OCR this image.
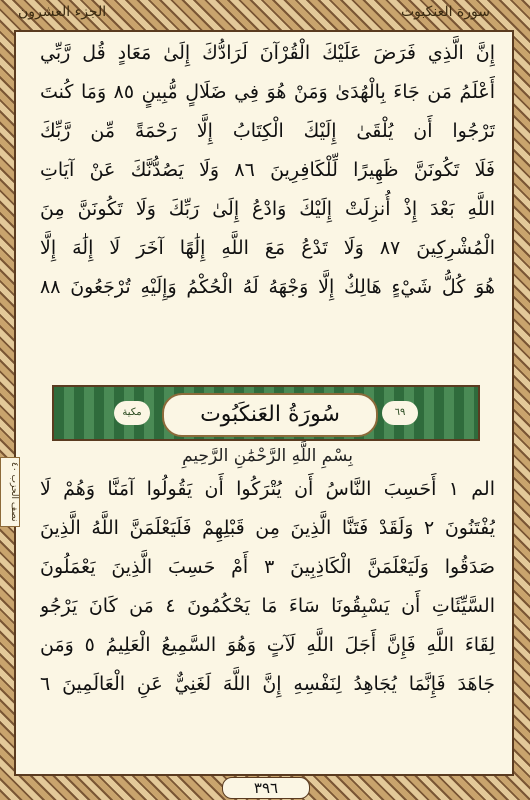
الجزء العشرون	سورة العنكبوت
إِنَّ الَّذِي فَرَضَ عَلَيْكَ الْقُرْآنَ لَرَادُّكَ إِلَىٰ مَعَادٍ قُل رَّبِّي
أَعْلَمُ مَن جَاءَ بِالْهُدَىٰ وَمَنْ هُوَ فِي ضَلَالٍ مُّبِينٍ ٨٥ وَمَا كُنتَ
تَرْجُوا أَن يُلْقَىٰ إِلَيْكَ الْكِتَابُ إِلَّا رَحْمَةً مِّن رَّبِّكَ
فَلَا تَكُونَنَّ ظَهِيرًا لِّلْكَافِرِينَ ٨٦ وَلَا يَصُدُّنَّكَ عَنْ آيَاتِ
اللَّهِ بَعْدَ إِذْ أُنزِلَتْ إِلَيْكَ وَادْعُ إِلَىٰ رَبِّكَ وَلَا تَكُونَنَّ مِنَ
الْمُشْرِكِينَ ٨٧ وَلَا تَدْعُ مَعَ اللَّهِ إِلَٰهًا آخَرَ لَا إِلَٰهَ إِلَّا
هُوَ كُلُّ شَيْءٍ هَالِكٌ إِلَّا وَجْهَهُ لَهُ الْحُكْمُ وَإِلَيْهِ تُرْجَعُونَ ٨٨
مكية	سُورَةُ العَنكَبُوت	٦٩
بِسْمِ اللَّهِ الرَّحْمَٰنِ الرَّحِيمِ
نصف الحزب ٤٠ الم ١ أَحَسِبَ النَّاسُ أَن يُتْرَكُوا أَن يَقُولُوا آمَنَّا وَهُمْ لَا
يُفْتَنُونَ ٢ وَلَقَدْ فَتَنَّا الَّذِينَ مِن قَبْلِهِمْ فَلَيَعْلَمَنَّ اللَّهُ الَّذِينَ
صَدَقُوا وَلَيَعْلَمَنَّ الْكَاذِبِينَ ٣ أَمْ حَسِبَ الَّذِينَ يَعْمَلُونَ
السَّيِّئَاتِ أَن يَسْبِقُونَا سَاءَ مَا يَحْكُمُونَ ٤ مَن كَانَ يَرْجُو
لِقَاءَ اللَّهِ فَإِنَّ أَجَلَ اللَّهِ لَآتٍ وَهُوَ السَّمِيعُ الْعَلِيمُ ٥ وَمَن
جَاهَدَ فَإِنَّمَا يُجَاهِدُ لِنَفْسِهِ إِنَّ اللَّهَ لَغَنِيٌّ عَنِ الْعَالَمِينَ ٦
٣٩٦
